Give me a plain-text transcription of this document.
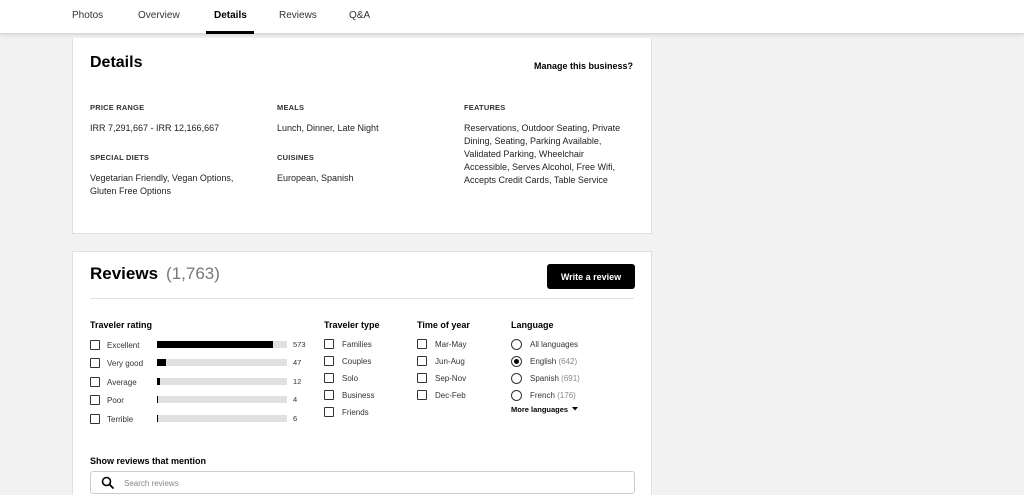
Photos	Overview	Details	Reviews	Q&A
Details	Manage this business?
PRICE RANGE
IRR 7,291,667 - IRR 12,166,667
SPECIAL DIETS
Vegetarian Friendly, Vegan Options, Gluten Free Options
MEALS
Lunch, Dinner, Late Night
CUISINES
European, Spanish
FEATURES
Reservations, Outdoor Seating, Private Dining, Seating, Parking Available, Validated Parking, Wheelchair Accessible, Serves Alcohol, Free Wifi, Accepts Credit Cards, Table Service
Reviews (1,763)	Write a review
Traveler rating
Excellent	573
Very good	47
Average	12
Poor	4
Terrible	6
Traveler type
Families
Couples
Solo
Business
Friends
Time of year
Mar-May
Jun-Aug
Sep-Nov
Dec-Feb
Language
All languages
English (642)
Spanish (691)
French (176)
More languages
Show reviews that mention
Search reviews
